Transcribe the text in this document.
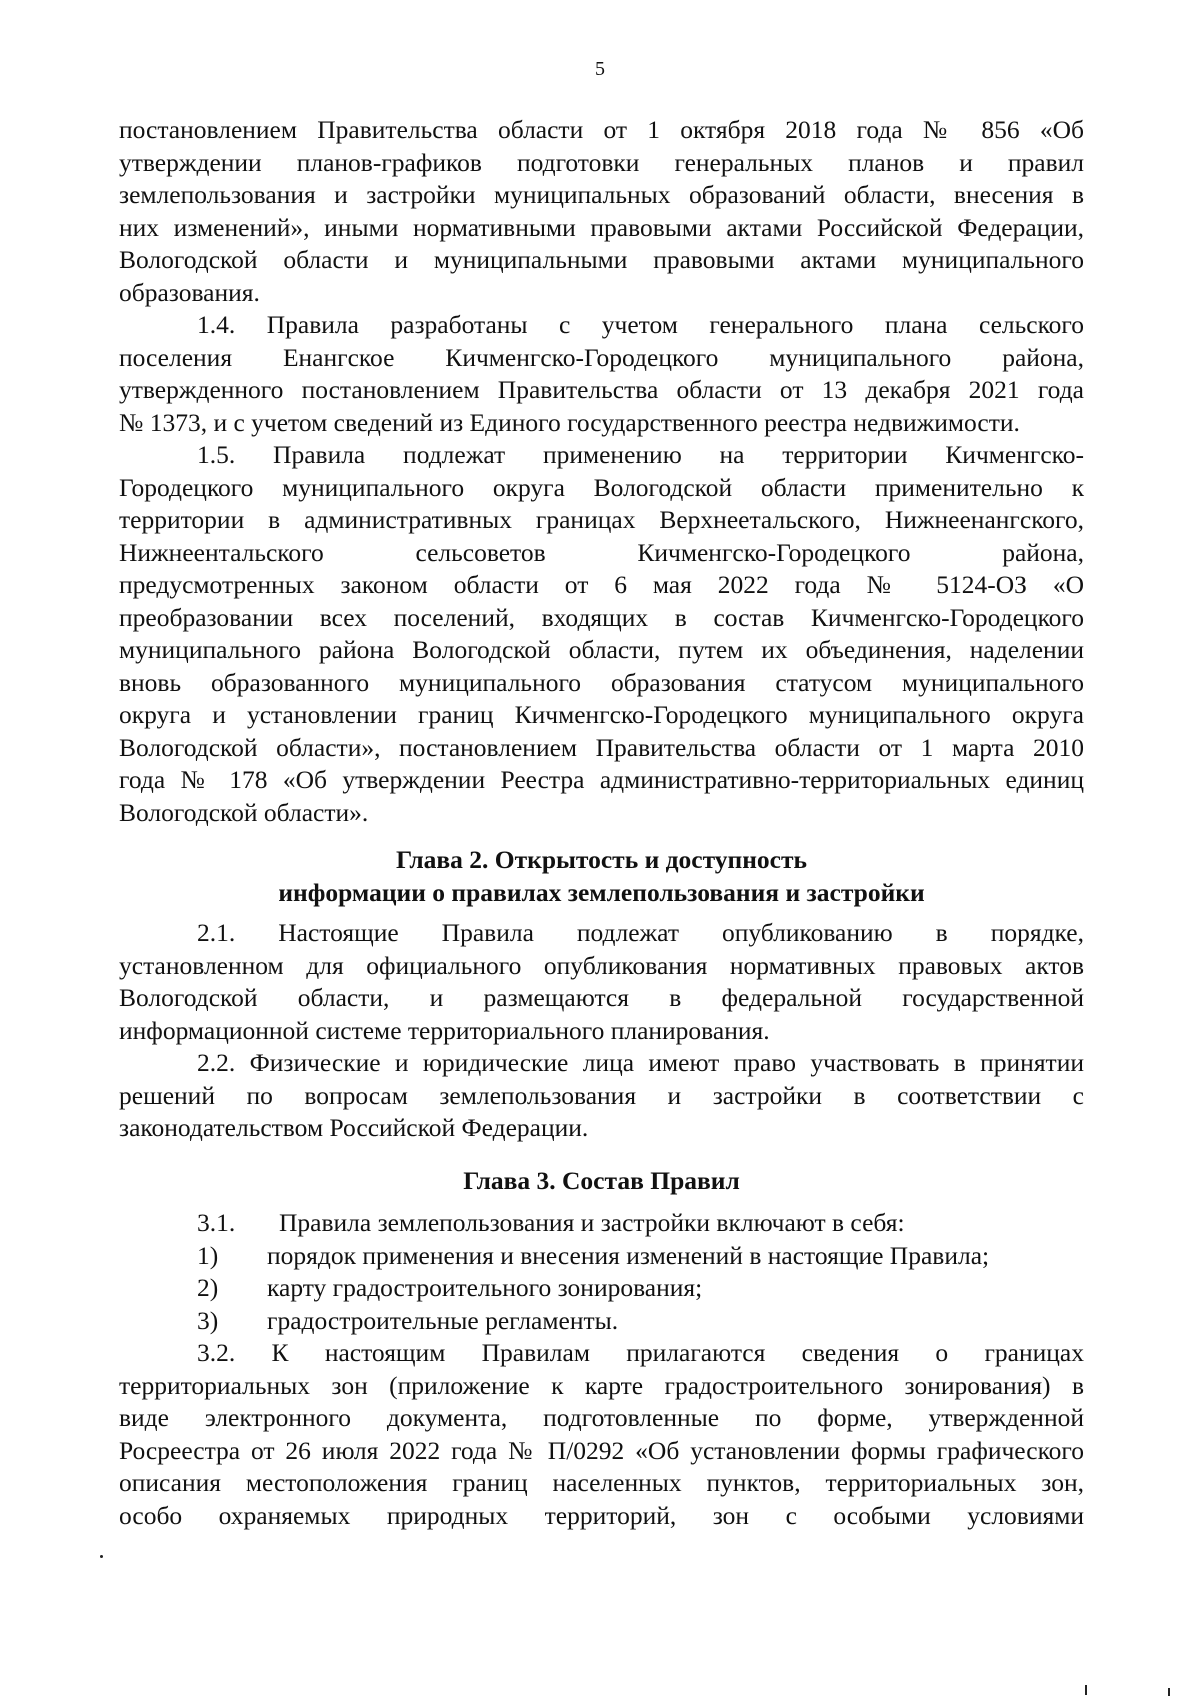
5
постановлением Правительства области от 1 октября 2018 года № 856 «Об
утверждении планов-графиков подготовки генеральных планов и правил
землепользования и застройки муниципальных образований области, внесения в
них изменений», иными нормативными правовыми актами Российской Федерации,
Вологодской области и муниципальными правовыми актами муниципального
образования.
1.4. Правила разработаны с учетом генерального плана сельского
поселения Енангское Кичменгско-Городецкого муниципального района,
утвержденного постановлением Правительства области от 13 декабря 2021 года
№ 1373, и с учетом сведений из Единого государственного реестра недвижимости.
1.5. Правила подлежат применению на территории Кичменгско-
Городецкого муниципального округа Вологодской области применительно к
территории в административных границах Верхнеетальского, Нижнеенангского,
Нижнеентальского сельсоветов Кичменгско-Городецкого района,
предусмотренных законом области от 6 мая 2022 года № 5124-ОЗ «О
преобразовании всех поселений, входящих в состав Кичменгско-Городецкого
муниципального района Вологодской области, путем их объединения, наделении
вновь образованного муниципального образования статусом муниципального
округа и установлении границ Кичменгско-Городецкого муниципального округа
Вологодской области», постановлением Правительства области от 1 марта 2010
года № 178 «Об утверждении Реестра административно-территориальных единиц
Вологодской области».
Глава 2. Открытость и доступность
информации о правилах землепользования и застройки
2.1. Настоящие Правила подлежат опубликованию в порядке,
установленном для официального опубликования нормативных правовых актов
Вологодской области, и размещаются в федеральной государственной
информационной системе территориального планирования.
2.2. Физические и юридические лица имеют право участвовать в принятии
решений по вопросам землепользования и застройки в соответствии с
законодательством Российской Федерации.
Глава 3. Состав Правил
3.1. Правила землепользования и застройки включают в себя:
1) порядок применения и внесения изменений в настоящие Правила;
2) карту градостроительного зонирования;
3) градостроительные регламенты.
3.2. К настоящим Правилам прилагаются сведения о границах
территориальных зон (приложение к карте градостроительного зонирования) в
виде электронного документа, подготовленные по форме, утвержденной
Росреестра от 26 июля 2022 года № П/0292 «Об установлении формы графического
описания местоположения границ населенных пунктов, территориальных зон,
особо охраняемых природных территорий, зон с особыми условиями
